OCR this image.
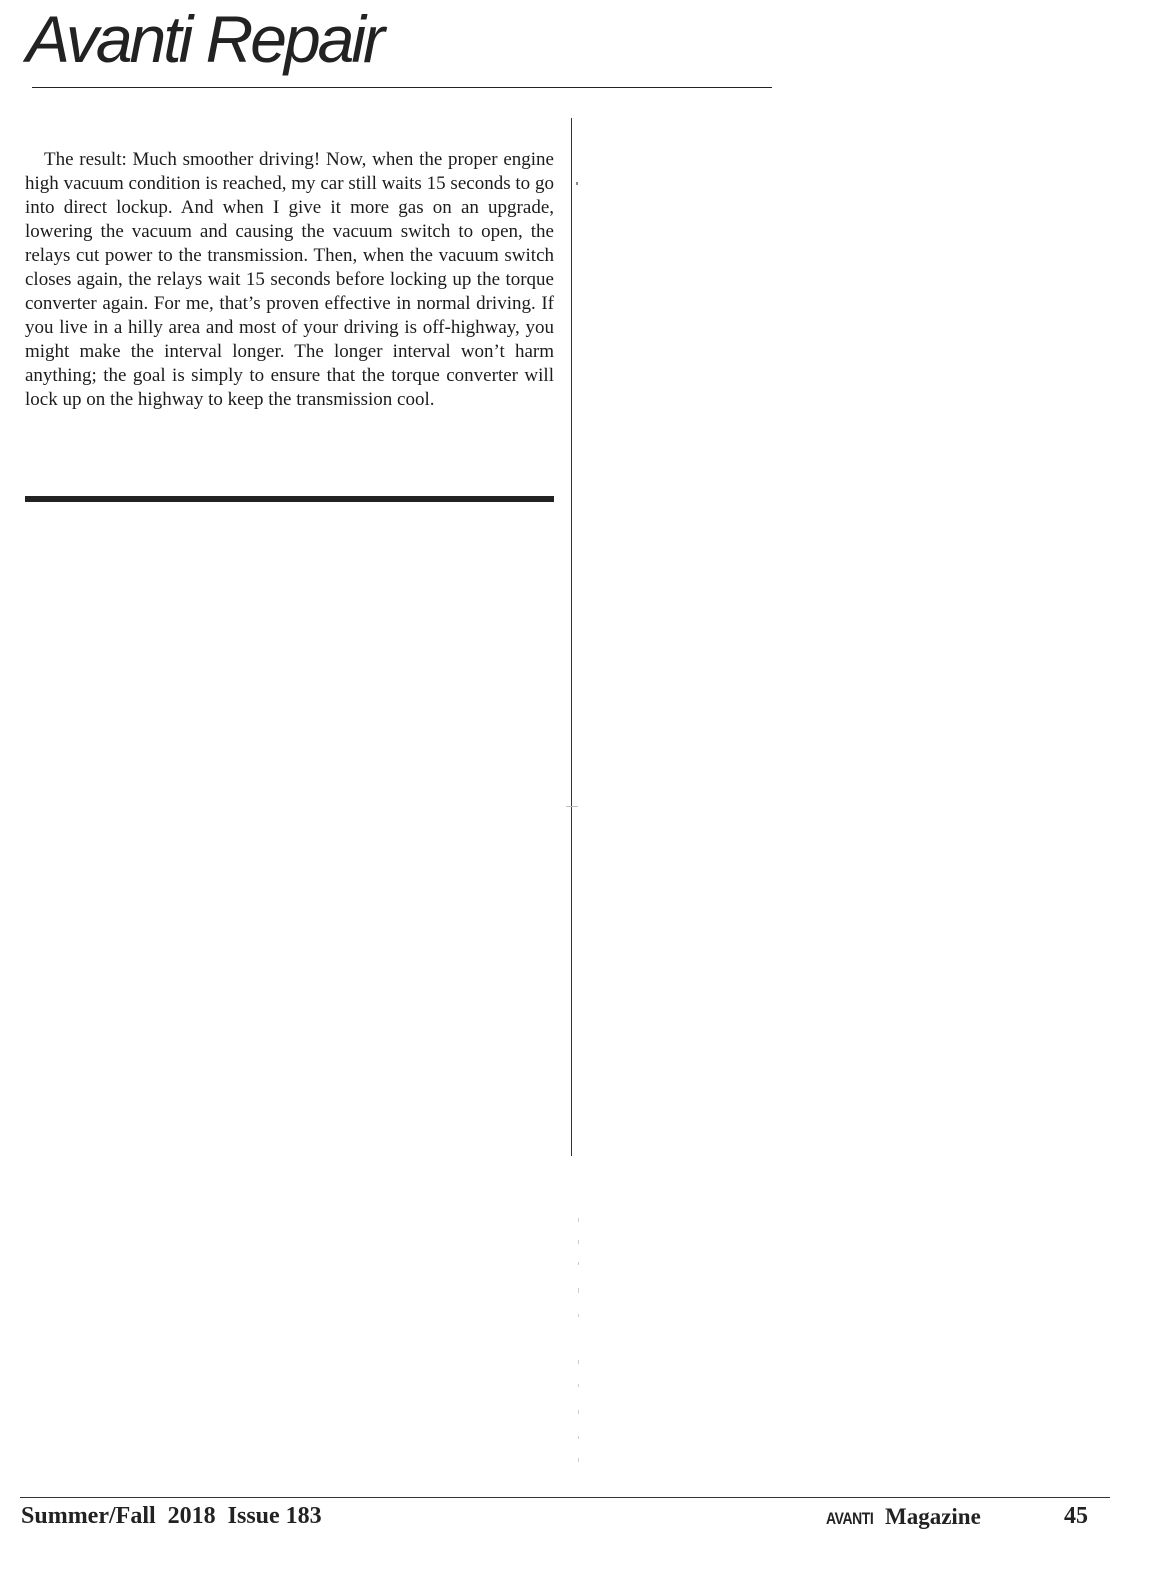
Avanti Repair

The result: Much smoother driving! Now, when the proper engine high vacuum condition is reached, my car still waits 15 seconds to go into direct lockup. And when I give it more gas on an upgrade, lowering the vacuum and causing the vacuum switch to open, the relays cut power to the transmission. Then, when the vacuum switch closes again, the relays wait 15 seconds before locking up the torque converter again. For me, that’s proven effective in normal driving. If you live in a hilly area and most of your driving is off-highway, you might make the interval longer. The longer interval won’t harm anything; the goal is simply to ensure that the torque converter will lock up on the highway to keep the transmission cool.

Summer/Fall  2018  Issue 183	AVANTI Magazine	45
